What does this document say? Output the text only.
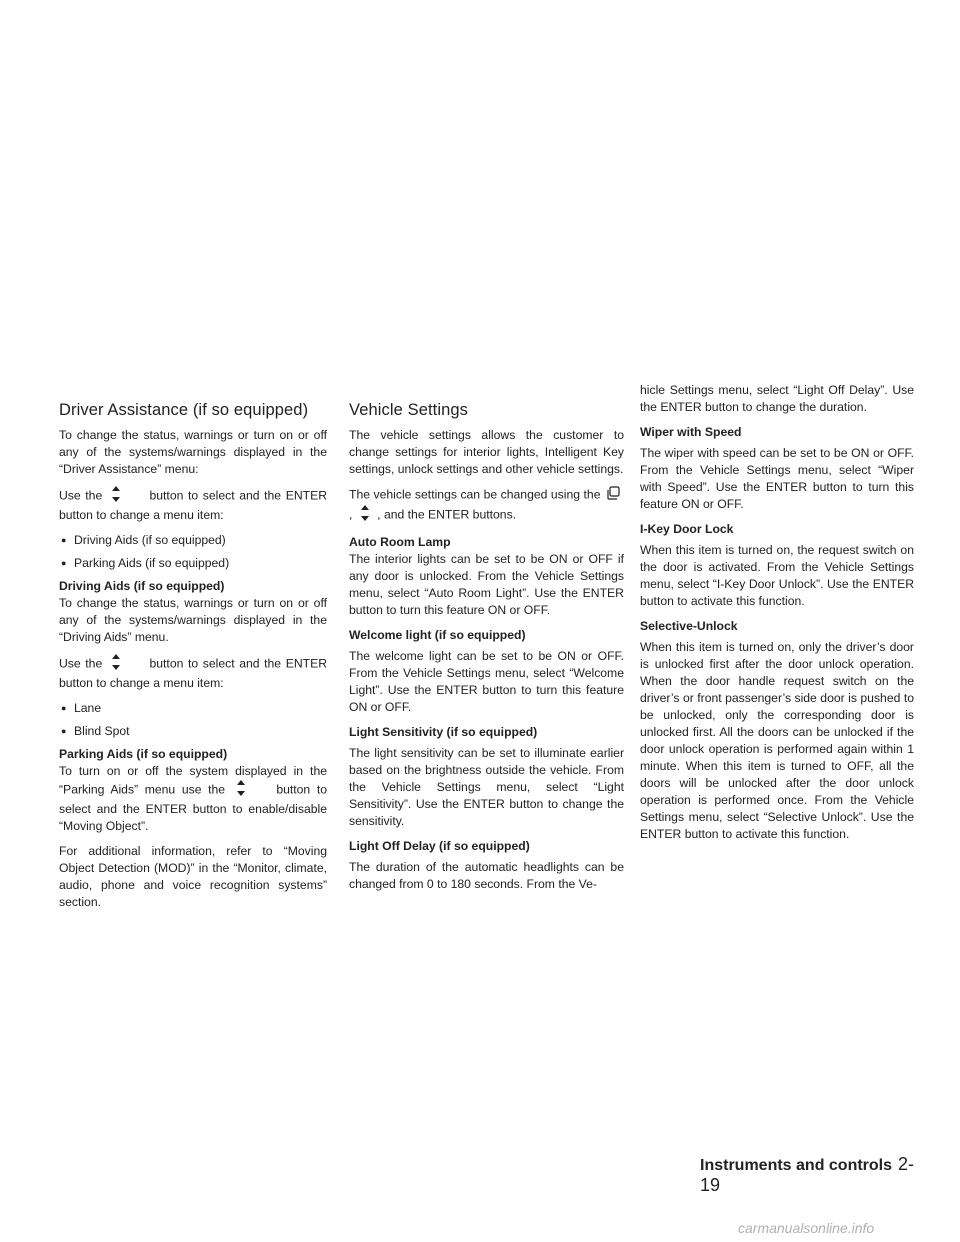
Driver Assistance (if so equipped)

To change the status, warnings or turn on or off any of the systems/warnings displayed in the “Driver Assistance” menu:

Use the	button to select and the ENTER button to change a menu item:

● Driving Aids (if so equipped)
● Parking Aids (if so equipped)
Driving Aids (if so equipped)

To change the status, warnings or turn on or off any of the systems/warnings displayed in the “Driving Aids” menu.

Use the	button to select and the ENTER button to change a menu item:

● Lane
● Blind Spot
Parking Aids (if so equipped)

To turn on or off the system displayed in the “Parking Aids” menu use the	button to select and the ENTER button to enable/disable “Moving Object”.

For additional information, refer to “Moving Object Detection (MOD)” in the “Monitor, climate, audio, phone and voice recognition systems” section.

Vehicle Settings

The vehicle settings allows the customer to change settings for interior lights, Intelligent Key settings, unlock settings and other vehicle settings.

The vehicle settings can be changed using the , , and the ENTER buttons.

Auto Room Lamp

The interior lights can be set to be ON or OFF if any door is unlocked. From the Vehicle Settings menu, select “Auto Room Light”. Use the ENTER button to turn this feature ON or OFF.

Welcome light (if so equipped)

The welcome light can be set to be ON or OFF. From the Vehicle Settings menu, select “Welcome Light”. Use the ENTER button to turn this feature ON or OFF.

Light Sensitivity (if so equipped)

The light sensitivity can be set to illuminate earlier based on the brightness outside the vehicle. From the Vehicle Settings menu, select “Light Sensitivity”. Use the ENTER button to change the sensitivity.

Light Off Delay (if so equipped)

The duration of the automatic headlights can be changed from 0 to 180 seconds. From the Ve-

hicle Settings menu, select “Light Off Delay”. Use the ENTER button to change the duration.

Wiper with Speed

The wiper with speed can be set to be ON or OFF. From the Vehicle Settings menu, select “Wiper with Speed”. Use the ENTER button to turn this feature ON or OFF.

I-Key Door Lock

When this item is turned on, the request switch on the door is activated. From the Vehicle Settings menu, select “I-Key Door Unlock”. Use the ENTER button to activate this function.

Selective-Unlock

When this item is turned on, only the driver’s door is unlocked first after the door unlock operation. When the door handle request switch on the driver’s or front passenger’s side door is pushed to be unlocked, only the corresponding door is unlocked first. All the doors can be unlocked if the door unlock operation is performed again within 1 minute. When this item is turned to OFF, all the doors will be unlocked after the door unlock operation is performed once. From the Vehicle Settings menu, select “Selective Unlock”. Use the ENTER button to activate this function.

Instruments and controls 2-19
carmanualsonline.info
